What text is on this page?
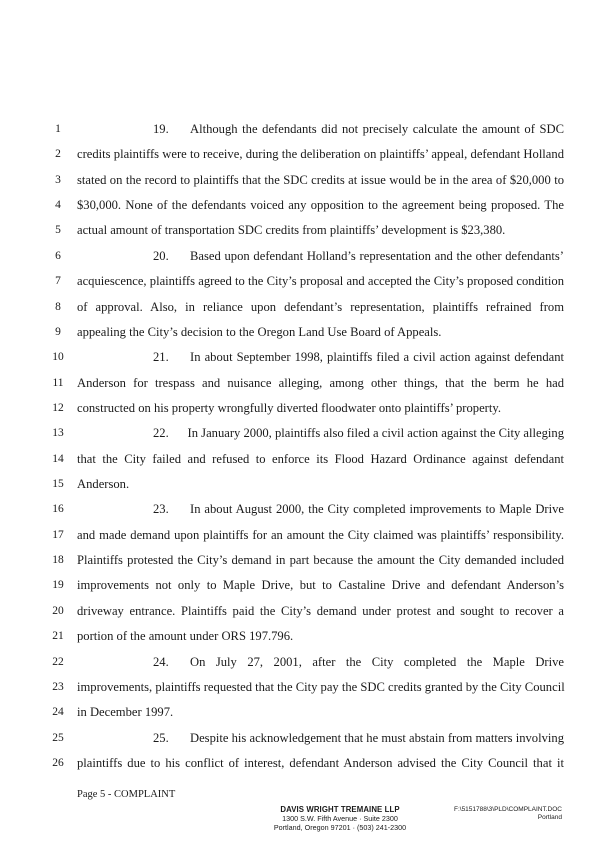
1	19.	Although the defendants did not precisely calculate the amount of SDC
2	credits plaintiffs were to receive, during the deliberation on plaintiffs’ appeal, defendant Holland
3	stated on the record to plaintiffs that the SDC credits at issue would be in the area of $20,000 to
4	$30,000. None of the defendants voiced any opposition to the agreement being proposed. The
5	actual amount of transportation SDC credits from plaintiffs’ development is $23,380.
6	20.	Based upon defendant Holland’s representation and the other defendants’
7	acquiescence, plaintiffs agreed to the City’s proposal and accepted the City’s proposed condition
8	of approval. Also, in reliance upon defendant’s representation, plaintiffs refrained from
9	appealing the City’s decision to the Oregon Land Use Board of Appeals.
10	21.	In about September 1998, plaintiffs filed a civil action against defendant
11 Anderson for trespass and nuisance alleging, among other things, that the berm he had
12 constructed on his property wrongfully diverted floodwater onto plaintiffs’ property.
13	22.	In January 2000, plaintiffs also filed a civil action against the City alleging
14 that the City failed and refused to enforce its Flood Hazard Ordinance against defendant
15 Anderson.
16	23.	In about August 2000, the City completed improvements to Maple Drive
17 and made demand upon plaintiffs for an amount the City claimed was plaintiffs’ responsibility.
18 Plaintiffs protested the City’s demand in part because the amount the City demanded included
19 improvements not only to Maple Drive, but to Castaline Drive and defendant Anderson’s
20 driveway entrance. Plaintiffs paid the City’s demand under protest and sought to recover a
21 portion of the amount under ORS 197.796.
22	24.	On July 27, 2001, after the City completed the Maple Drive
23 improvements, plaintiffs requested that the City pay the SDC credits granted by the City Council
24 in December 1997.
25	25.	Despite his acknowledgement that he must abstain from matters involving
26 plaintiffs due to his conflict of interest, defendant Anderson advised the City Council that it
Page 5 - COMPLAINT
DAVIS WRIGHT TREMAINE LLP
1300 S.W. Fifth Avenue · Suite 2300
Portland, Oregon 97201 · (503) 241-2300
F:\5151788\3\PLD\COMPLAINT.DOC
Portland
